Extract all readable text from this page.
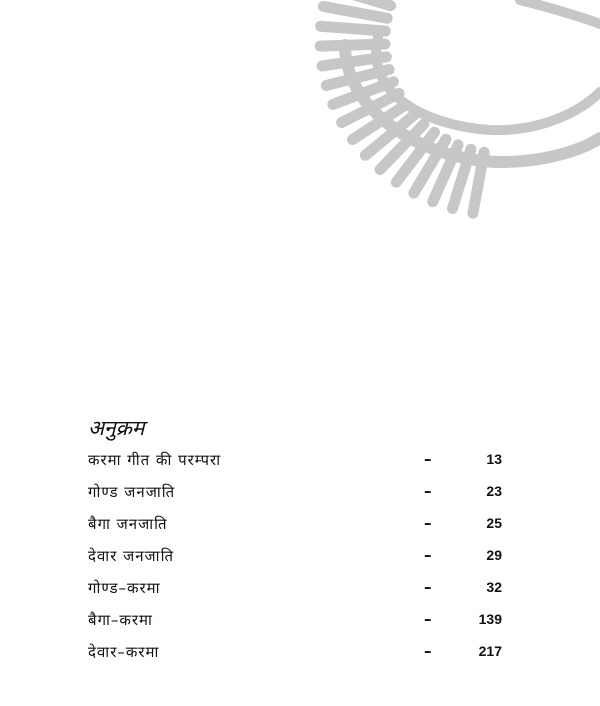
अनुक्रम
करमा गीत की परम्परा	–	13
गोण्ड जनजाति	–	23
बैगा जनजाति	–	25
देवार जनजाति	–	29
गोण्ड–करमा	–	32
बैगा–करमा	–	139
देवार–करमा	–	217
